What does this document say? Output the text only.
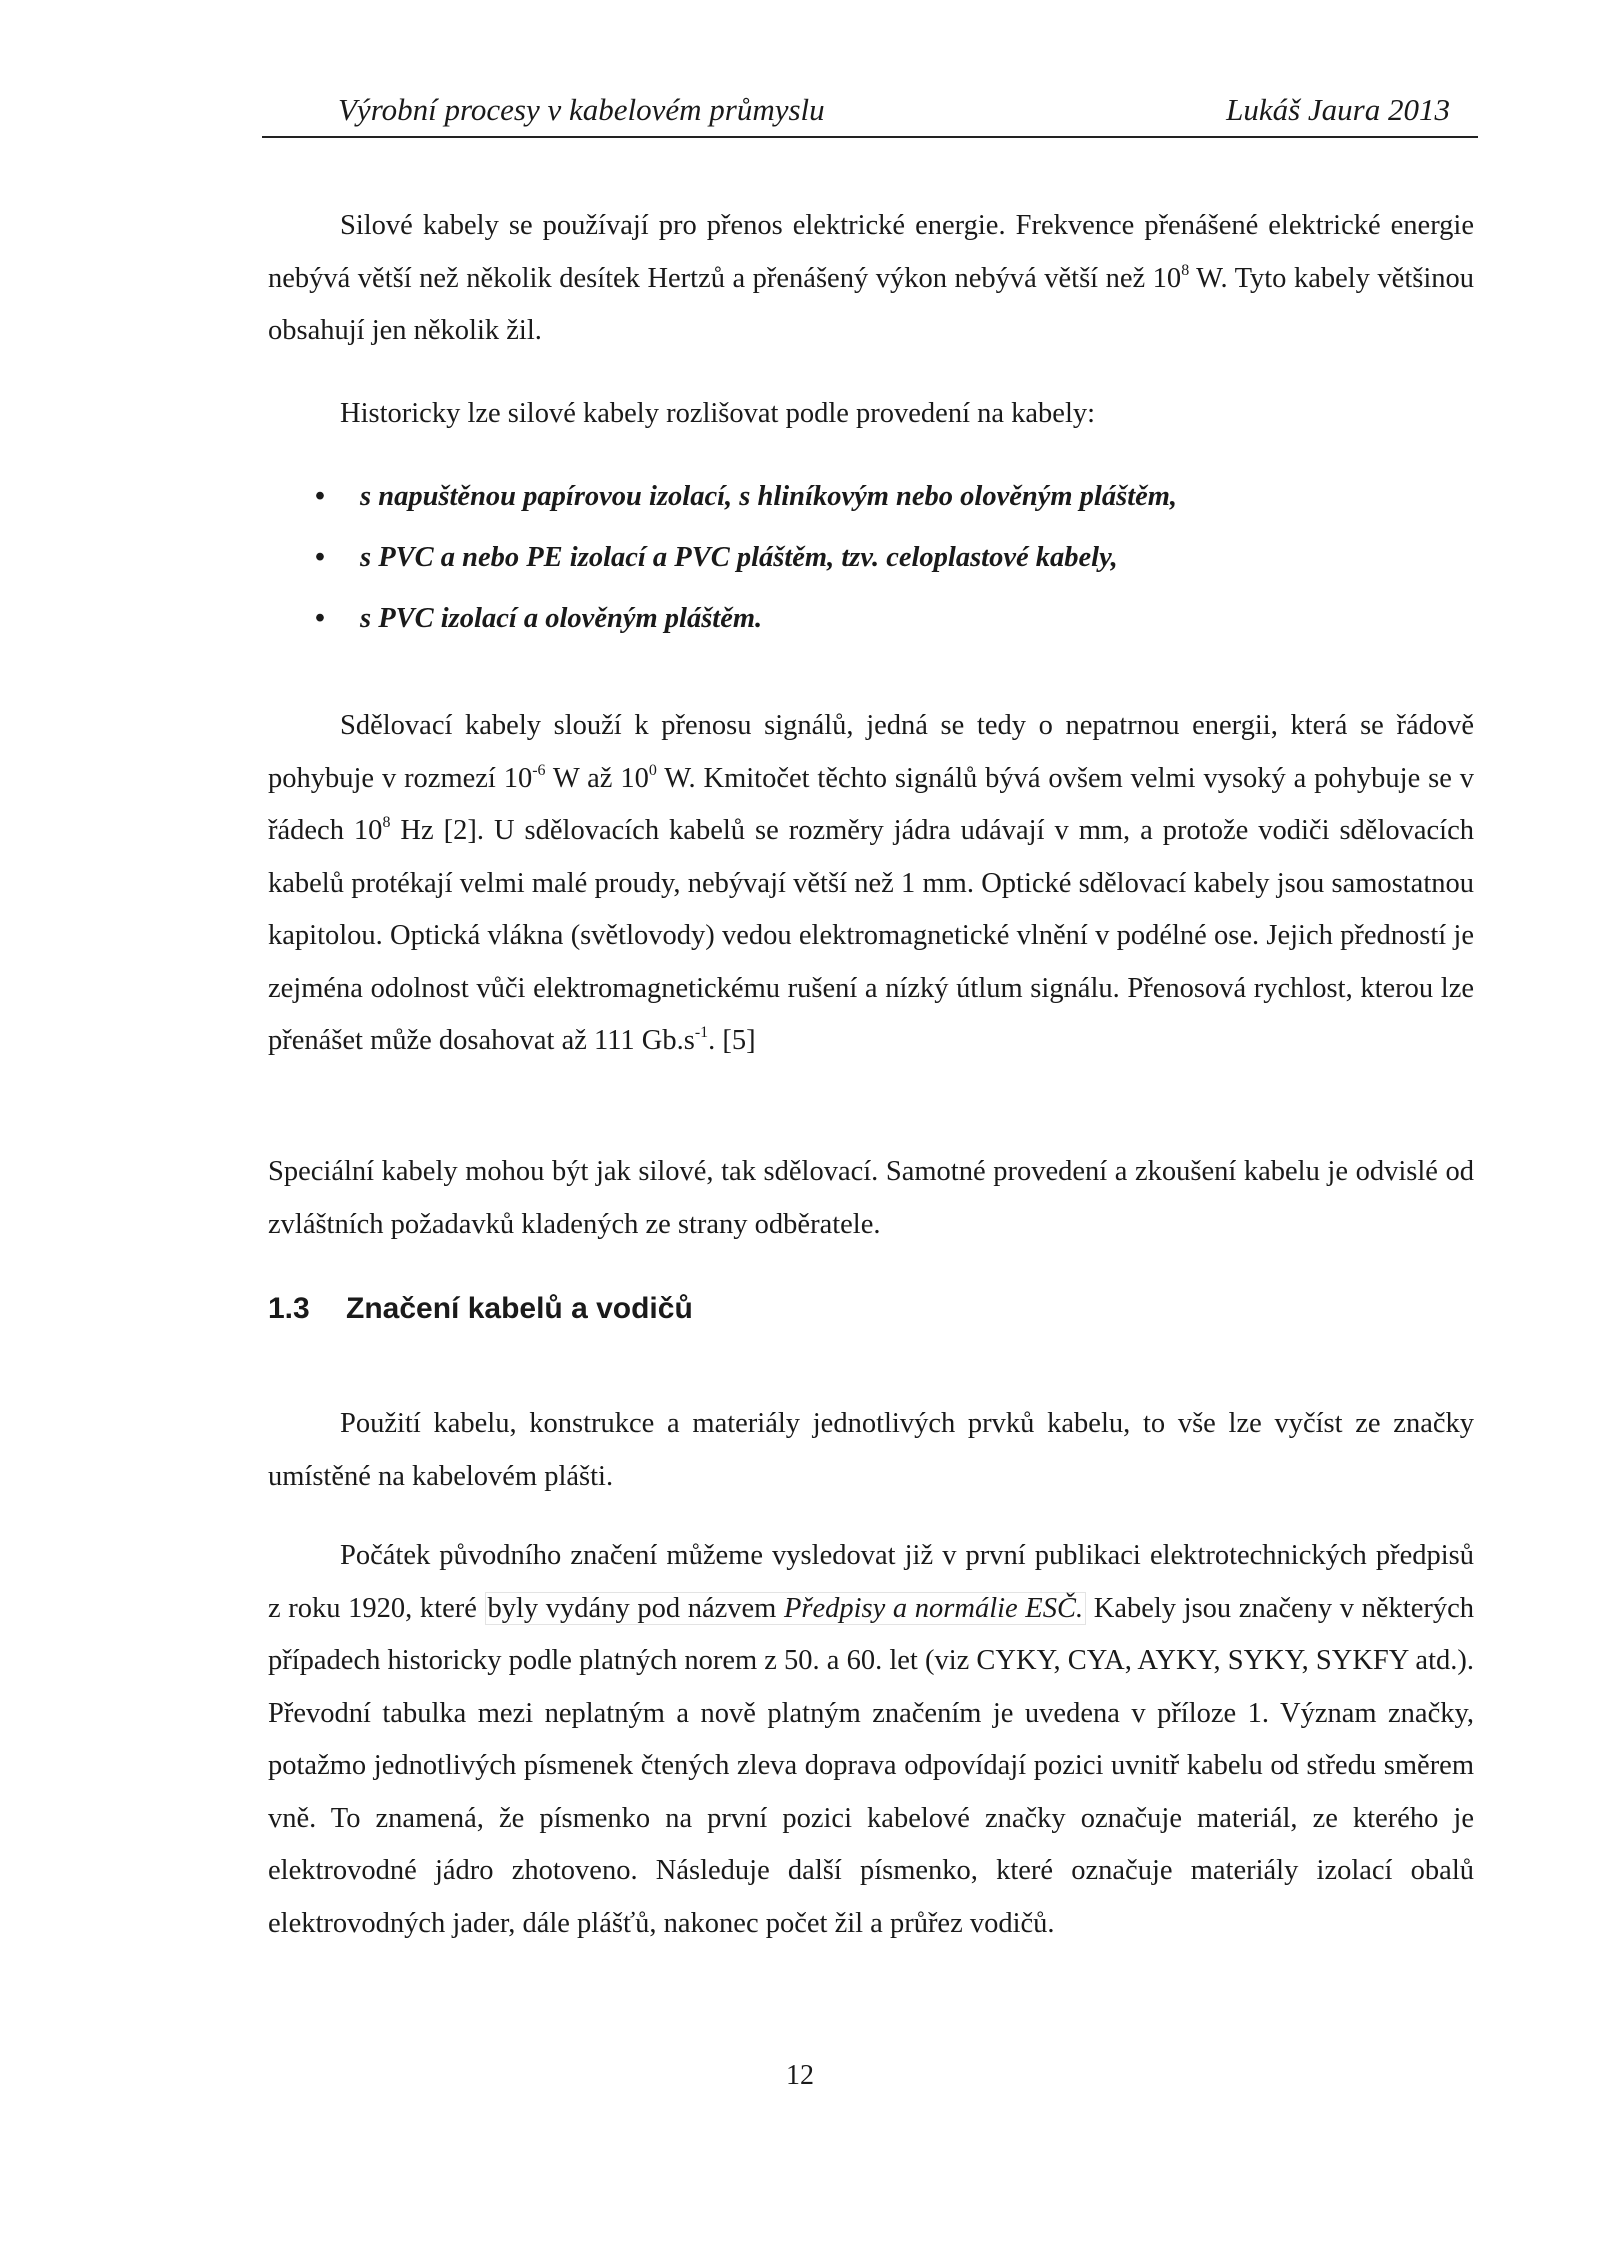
Výrobní procesy v kabelovém průmyslu	Lukáš Jaura 2013
Silové kabely se používají pro přenos elektrické energie. Frekvence přenášené elektrické energie nebývá větší než několik desítek Hertzů a přenášený výkon nebývá větší než $10^8$ W. Tyto kabely většinou obsahují jen několik žil.
Historicky lze silové kabely rozlišovat podle provedení na kabely:
• s napuštěnou papírovou izolací, s hliníkovým nebo olověným pláštěm,
• s PVC a nebo PE izolací a PVC pláštěm, tzv. celoplastové kabely,
• s PVC izolací a olověným pláštěm.
Sdělovací kabely slouží k přenosu signálů, jedná se tedy o nepatrnou energii, která se řádově pohybuje v rozmezí $10^{-6}$ W až $10^0$ W. Kmitočet těchto signálů bývá ovšem velmi vysoký a pohybuje se v řádech $10^8$ Hz [2]. U sdělovacích kabelů se rozměry jádra udávají v mm, a protože vodiči sdělovacích kabelů protékají velmi malé proudy, nebývají větší než 1 mm. Optické sdělovací kabely jsou samostatnou kapitolou. Optická vlákna (světlovody) vedou elektromagnetické vlnění v podélné ose. Jejich předností je zejména odolnost vůči elektromagnetickému rušení a nízký útlum signálu. Přenosová rychlost, kterou lze přenášet může dosahovat až 111 $Gb.s^{-1}$. [5]
Speciální kabely mohou být jak silové, tak sdělovací. Samotné provedení a zkoušení kabelu je odvislé od zvláštních požadavků kladených ze strany odběratele.
1.3 Značení kabelů a vodičů
Použití kabelu, konstrukce a materiály jednotlivých prvků kabelu, to vše lze vyčíst ze značky umístěné na kabelovém plášti.
Počátek původního značení můžeme vysledovat již v první publikaci elektrotechnických předpisů z roku 1920, které byly vydány pod názvem Předpisy a normálie ESČ. Kabely jsou značeny v některých případech historicky podle platných norem z 50. a 60. let (viz CYKY, CYA, AYKY, SYKY, SYKFY atd.). Převodní tabulka mezi neplatným a nově platným značením je uvedena v příloze 1. Význam značky, potažmo jednotlivých písmenek čtených zleva doprava odpovídají pozici uvnitř kabelu od středu směrem vně. To znamená, že písmenko na první pozici kabelové značky označuje materiál, ze kterého je elektrovodné jádro zhotoveno. Následuje další písmenko, které označuje materiály izolací obalů elektrovodných jader, dále plášťů, nakonec počet žil a průřez vodičů.
12
